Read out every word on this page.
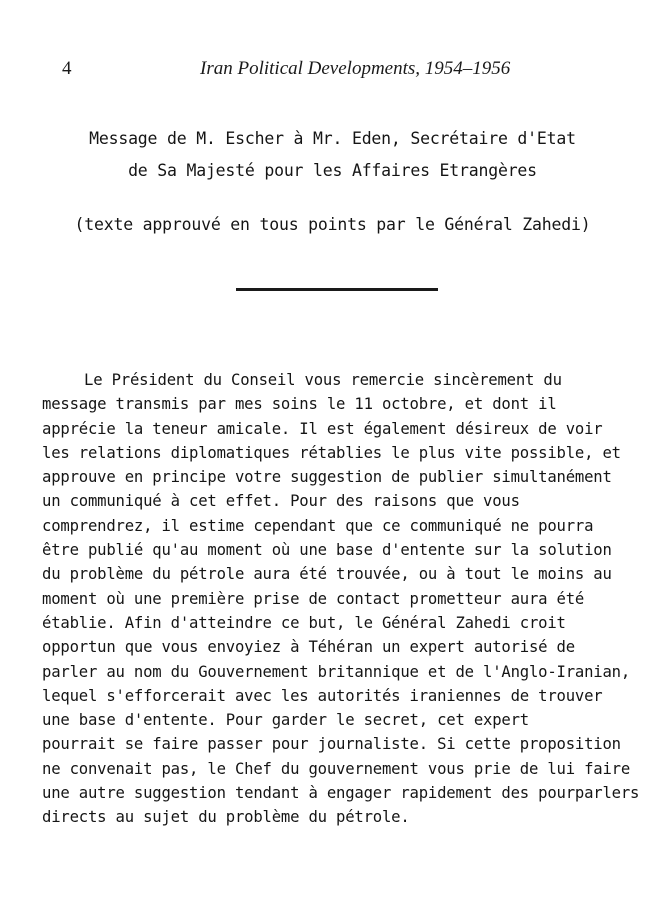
4	Iran Political Developments, 1954–1956
Message de M. Escher à Mr. Eden, Secrétaire d'Etat
de Sa Majesté pour les Affaires Etrangères
(texte approuvé en tous points par le Général Zahedi)
Le Président du Conseil vous remercie sincèrement du
message transmis par mes soins le 11 octobre, et dont il
apprécie la teneur amicale. Il est également désireux de voir
les relations diplomatiques rétablies le plus vite possible, et
approuve en principe votre suggestion de publier simultanément
un communiqué à cet effet. Pour des raisons que vous
comprendrez, il estime cependant que ce communiqué ne pourra
être publié qu'au moment où une base d'entente sur la solution
du problème du pétrole aura été trouvée, ou à tout le moins au
moment où une première prise de contact prometteur aura été
établie. Afin d'atteindre ce but, le Général Zahedi croit
opportun que vous envoyiez à Téhéran un expert autorisé de
parler au nom du Gouvernement britannique et de l'Anglo-Iranian,
lequel s'efforcerait avec les autorités iraniennes de trouver
une base d'entente. Pour garder le secret, cet expert
pourrait se faire passer pour journaliste. Si cette proposition
ne convenait pas, le Chef du gouvernement vous prie de lui faire
une autre suggestion tendant à engager rapidement des pourparlers
directs au sujet du problème du pétrole.
